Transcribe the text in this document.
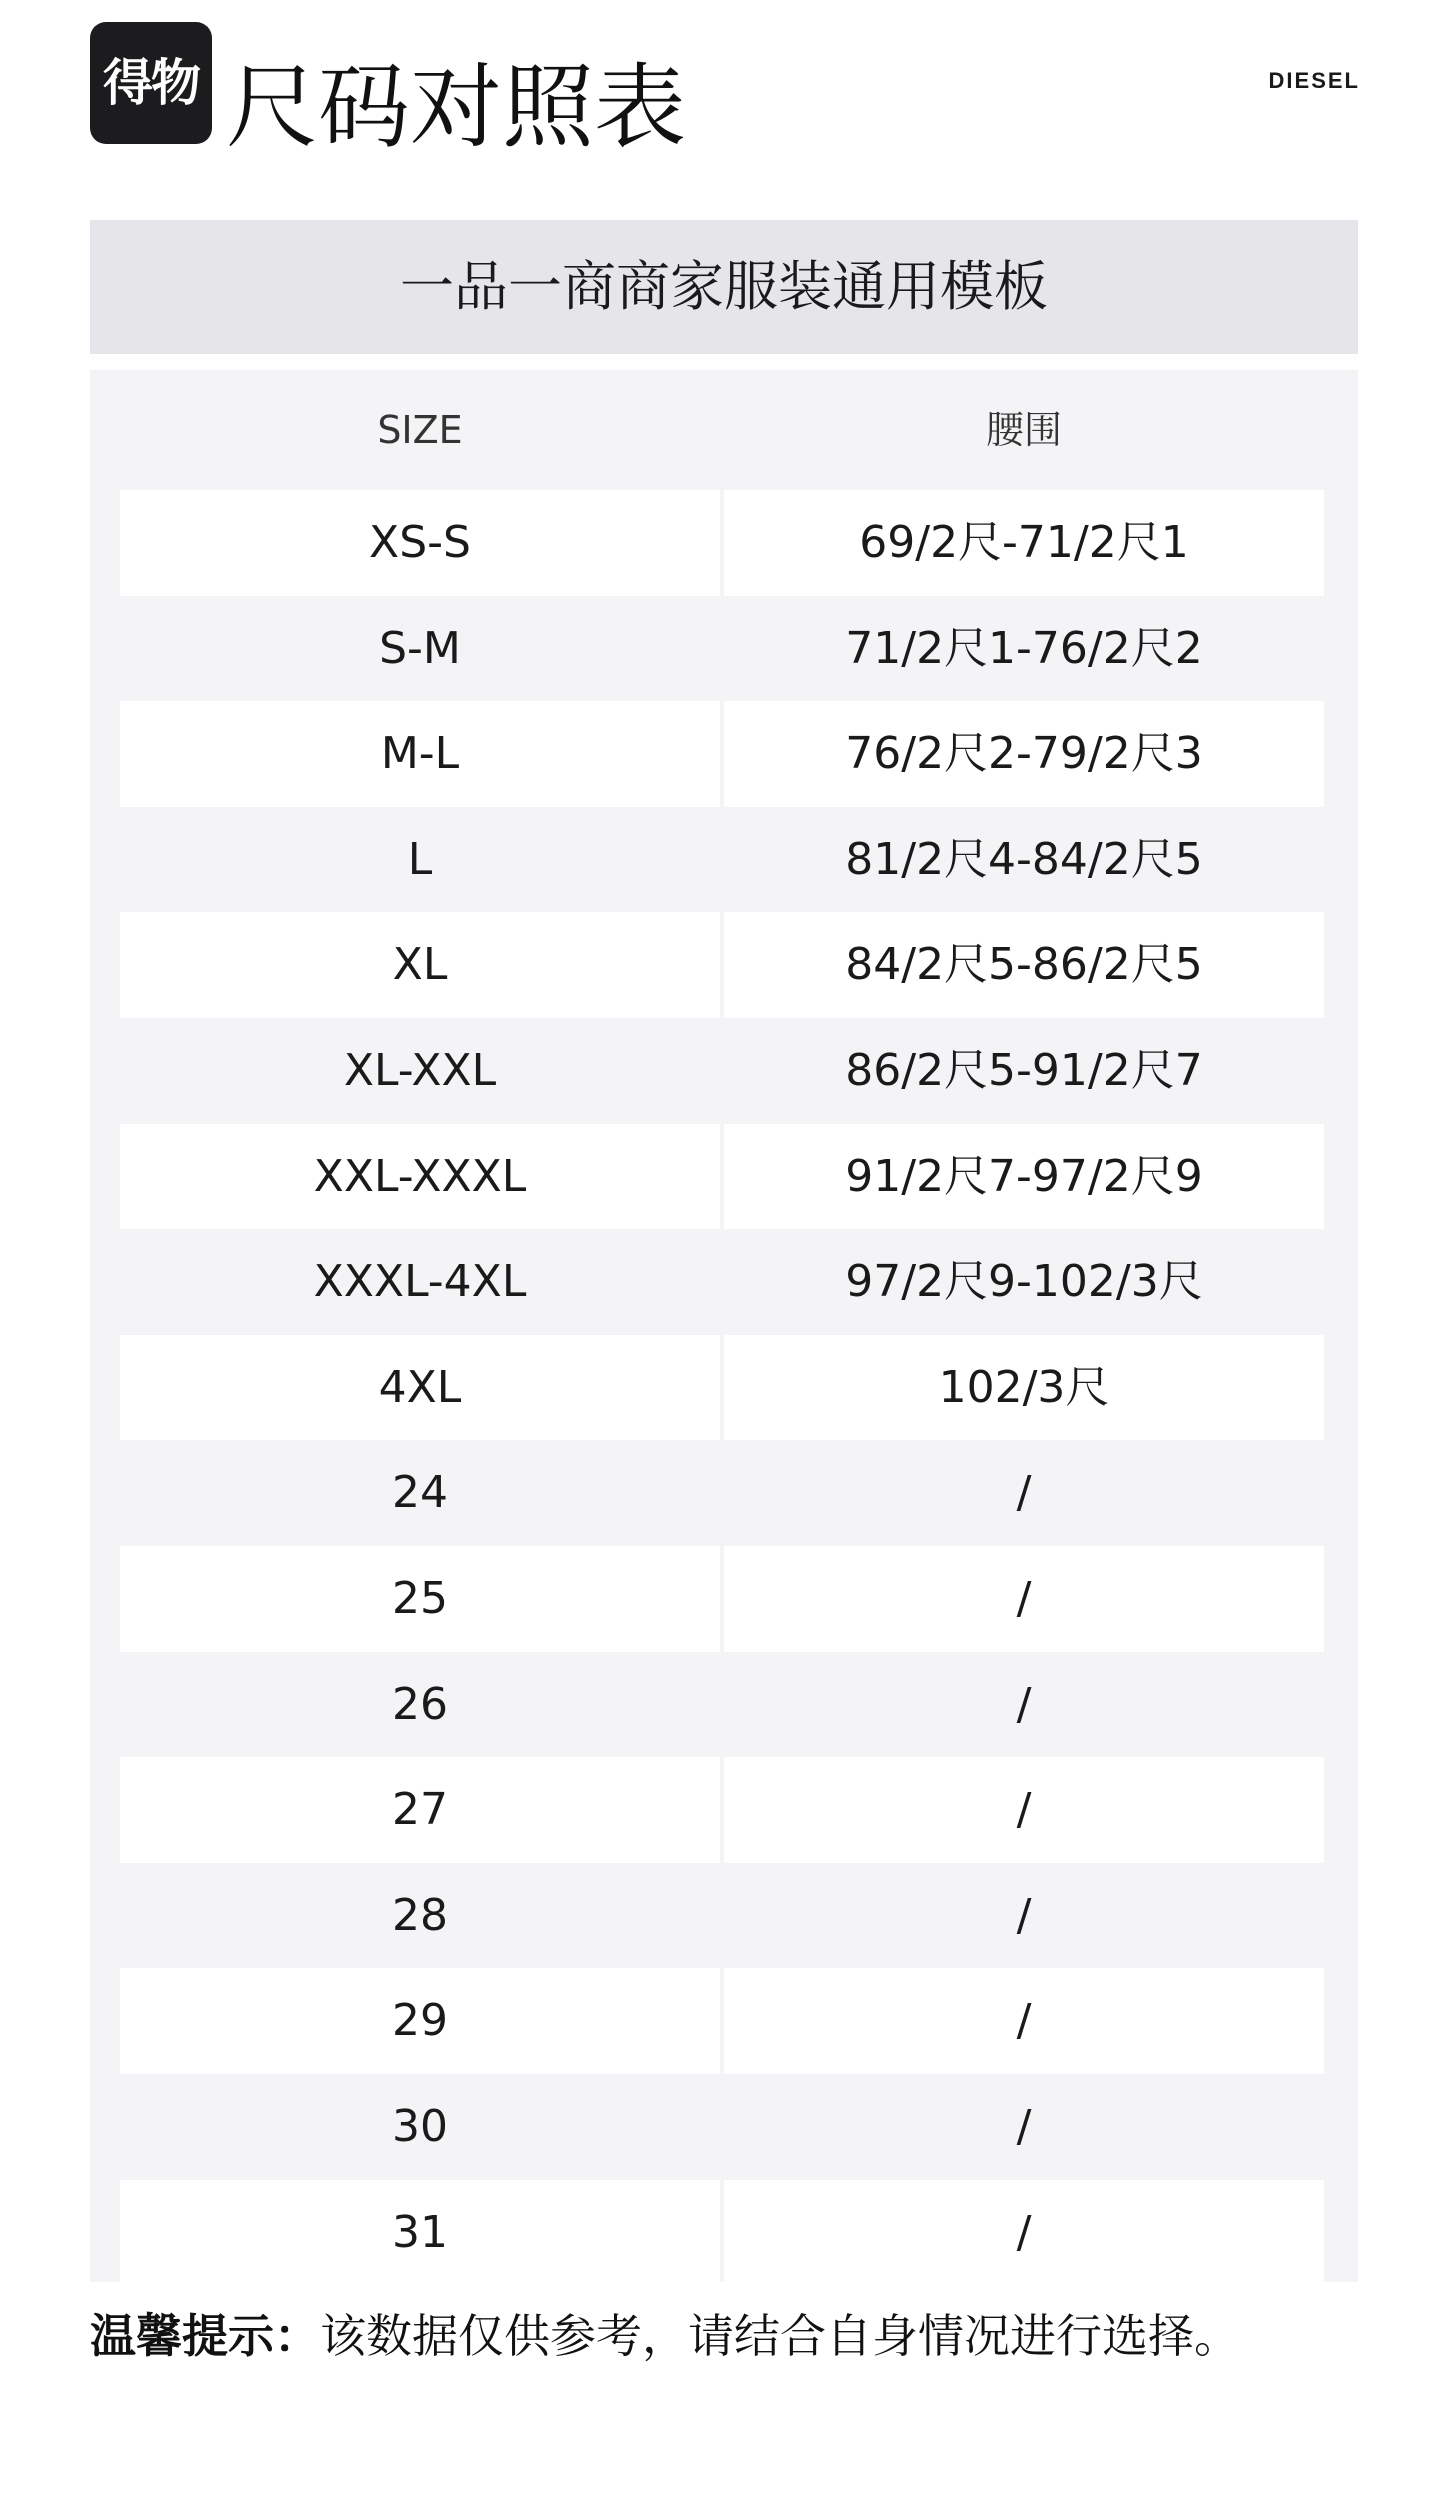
得物 尺码对照表	DIESEL
一品一商商家服装通用模板
SIZE	腰围
XS-S	69/2尺-71/2尺1
S-M	71/2尺1-76/2尺2
M-L	76/2尺2-79/2尺3
L	81/2尺4-84/2尺5
XL	84/2尺5-86/2尺5
XL-XXL	86/2尺5-91/2尺7
XXL-XXXL	91/2尺7-97/2尺9
XXXL-4XL	97/2尺9-102/3尺
4XL	102/3尺
24	/
25	/
26	/
27	/
28	/
29	/
30	/
31	/
温馨提示：该数据仅供参考，请结合自身情况进行选择。
